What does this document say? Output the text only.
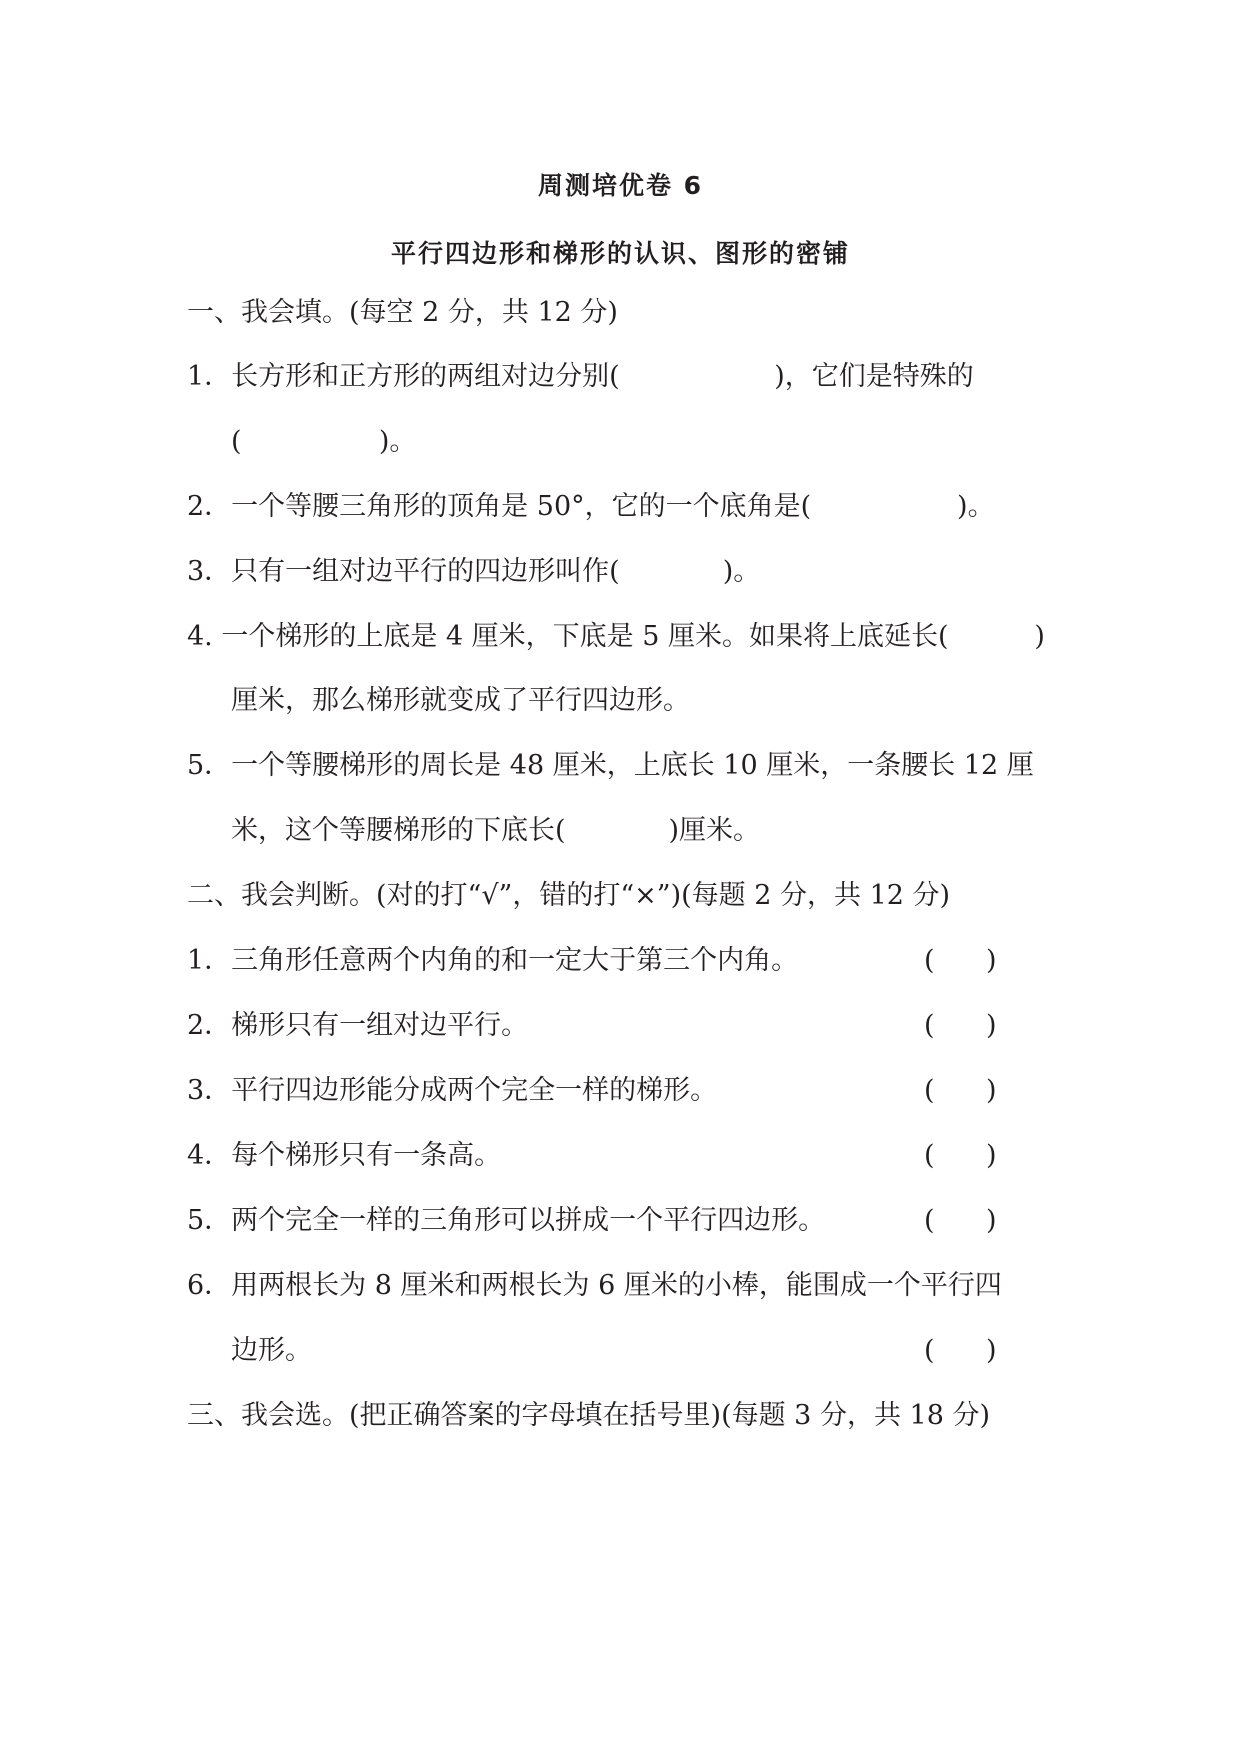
周测培优卷 6
平行四边形和梯形的认识、图形的密铺
一、我会填。(每空 2 分，共 12 分)
1．长方形和正方形的两组对边分别(                  )，它们是特殊的
(                )。
2．一个等腰三角形的顶角是 50°，它的一个底角是(                 )。
3．只有一组对边平行的四边形叫作(            )。
4. 一个梯形的上底是 4 厘米，下底是 5 厘米。如果将上底延长(          )
厘米，那么梯形就变成了平行四边形。
5．一个等腰梯形的周长是 48 厘米，上底长 10 厘米，一条腰长 12 厘
米，这个等腰梯形的下底长(            )厘米。
二、我会判断。(对的打“√”，错的打“×”)(每题 2 分，共 12 分)
1．三角形任意两个内角的和一定大于第三个内角。	(      )
2．梯形只有一组对边平行。	(      )
3．平行四边形能分成两个完全一样的梯形。	(      )
4．每个梯形只有一条高。	(      )
5．两个完全一样的三角形可以拼成一个平行四边形。	(      )
6．用两根长为 8 厘米和两根长为 6 厘米的小棒，能围成一个平行四
边形。	(      )
三、我会选。(把正确答案的字母填在括号里)(每题 3 分，共 18 分)
